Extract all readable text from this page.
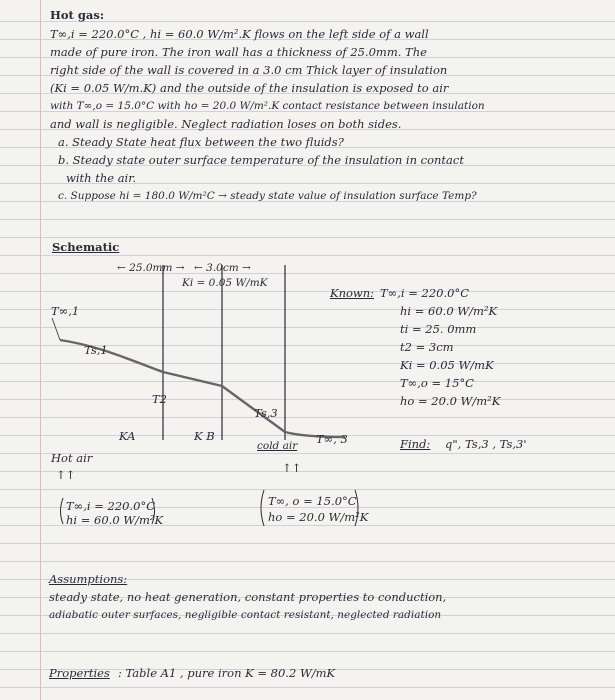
Hot gas:
T∞,i = 220.0°C , hi = 60.0 W/m².K flows on the left side of a wall
made of pure iron. The iron wall has a thickness of 25.0mm. The
right side of the wall is covered in a 3.0 cm Thick layer of insulation
(Ki = 0.05 W/m.K) and the outside of the insulation is exposed to air
with T∞,o = 15.0°C with ho = 20.0 W/m².K contact resistance between insulation
and wall is negligible. Neglect radiation loses on both sides.
a. Steady State heat flux between the two fluids?
b. Steady state outer surface temperature of the insulation in contact
with the air.
c. Suppose hi = 180.0 W/m²C → steady state value of insulation surface Temp?
Schematic
← 25.0mm → ← 3.0cm →
Ki = 0.05 W/mK
T∞,1
Ts,1
T2
Ts,3
KA	K B
cold air T∞, 3
Hot air
↑↑	↑↑
T∞,i = 220.0°C
hi = 60.0 W/m²K
T∞, o = 15.0°C
ho = 20.0 W/m²K
Known: T∞,i = 220.0°C
hi = 60.0 W/m²K
ti = 25. 0mm
t2 = 3cm
Ki = 0.05 W/mK
T∞,o = 15°C
ho = 20.0 W/m²K
Find: q", Ts,3 , Ts,3'
Assumptions:
steady state, no heat generation, constant properties to conduction,
adiabatic outer surfaces, negligible contact resistant, neglected radiation
Properties : Table A1 , pure iron K = 80.2 W/mK
